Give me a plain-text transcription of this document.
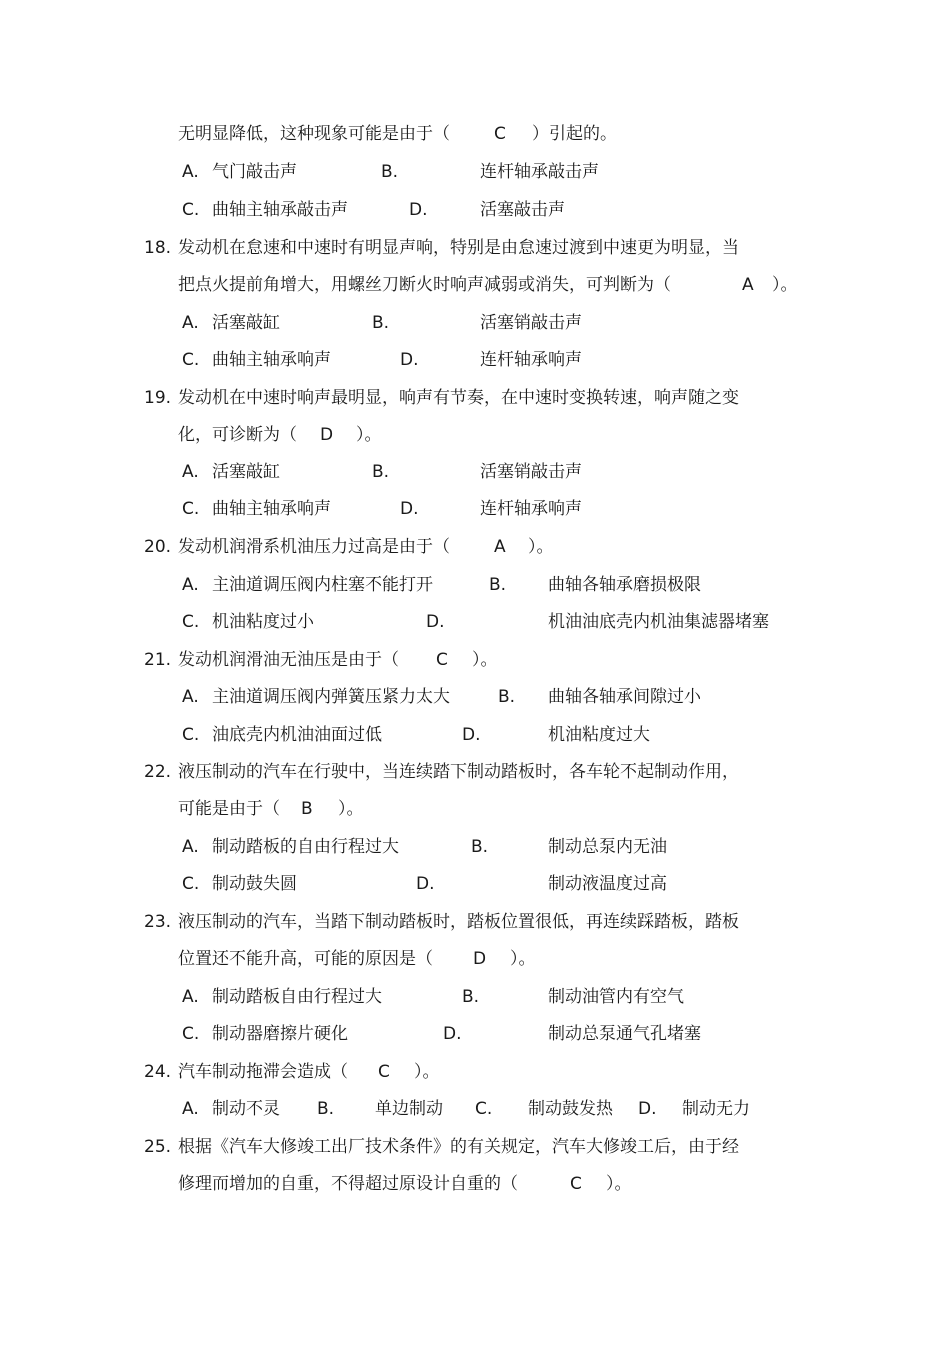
无明显降低，这种现象可能是由于（	C ）引起的。
A. 气门敲击声	B.	连杆轴承敲击声
C. 曲轴主轴承敲击声	D.	活塞敲击声
18. 发动机在怠速和中速时有明显声响，特别是由怠速过渡到中速更为明显，当
把点火提前角增大，用螺丝刀断火时响声减弱或消失，可判断为（	A ）。
A. 活塞敲缸	B.	活塞销敲击声
C. 曲轴主轴承响声	D.	连杆轴承响声
19. 发动机在中速时响声最明显，响声有节奏，在中速时变换转速，响声随之变
化，可诊断为（ D ）。
A. 活塞敲缸	B.	活塞销敲击声
C. 曲轴主轴承响声	D.	连杆轴承响声
20. 发动机润滑系机油压力过高是由于（	A ）。
A. 主油道调压阀内柱塞不能打开	B. 曲轴各轴承磨损极限
C. 机油粘度过小	D.	机油油底壳内机油集滤器堵塞
21. 发动机润滑油无油压是由于（ C ）。
A. 主油道调压阀内弹簧压紧力太大	B. 曲轴各轴承间隙过小
C. 油底壳内机油油面过低	D.	机油粘度过大
22. 液压制动的汽车在行驶中，当连续踏下制动踏板时，各车轮不起制动作用，
可能是由于（ B ）。
A. 制动踏板的自由行程过大	B.	制动总泵内无油
C. 制动鼓失圆	D.	制动液温度过高
23. 液压制动的汽车，当踏下制动踏板时，踏板位置很低，再连续踩踏板，踏板
位置还不能升高，可能的原因是（ D ）。
A. 制动踏板自由行程过大	B.	制动油管内有空气
C. 制动器磨擦片硬化	D.	制动总泵通气孔堵塞
24. 汽车制动拖滞会造成（ C ）。
A. 制动不灵 B. 单边制动 C. 制动鼓发热 D. 制动无力
25. 根据《汽车大修竣工出厂技术条件》的有关规定，汽车大修竣工后，由于经
修理而增加的自重，不得超过原设计自重的（	C ）。
